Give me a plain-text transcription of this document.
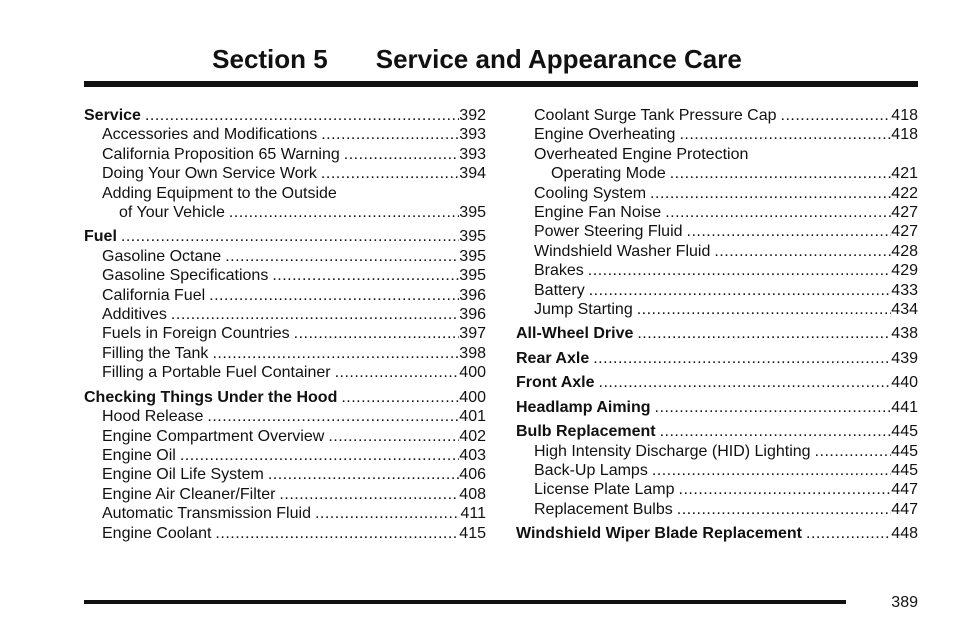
Section 5 Service and Appearance Care
Service .....	392
Accessories and Modifications .....	393
California Proposition 65 Warning .....	393
Doing Your Own Service Work .....	394
Adding Equipment to the Outside
of Your Vehicle .....	395
Fuel .....	395
Gasoline Octane .....	395
Gasoline Specifications .....	395
California Fuel .....	396
Additives .....	396
Fuels in Foreign Countries .....	397
Filling the Tank .....	398
Filling a Portable Fuel Container .....	400
Checking Things Under the Hood .....	400
Hood Release .....	401
Engine Compartment Overview .....	402
Engine Oil .....	403
Engine Oil Life System .....	406
Engine Air Cleaner/Filter .....	408
Automatic Transmission Fluid .....	411
Engine Coolant .....	415
Coolant Surge Tank Pressure Cap .....	418
Engine Overheating .....	418
Overheated Engine Protection
Operating Mode .....	421
Cooling System .....	422
Engine Fan Noise .....	427
Power Steering Fluid .....	427
Windshield Washer Fluid .....	428
Brakes .....	429
Battery .....	433
Jump Starting .....	434
All-Wheel Drive .....	438
Rear Axle .....	439
Front Axle .....	440
Headlamp Aiming .....	441
Bulb Replacement .....	445
High Intensity Discharge (HID) Lighting .....	445
Back-Up Lamps .....	445
License Plate Lamp .....	447
Replacement Bulbs .....	447
Windshield Wiper Blade Replacement .....	448
389
